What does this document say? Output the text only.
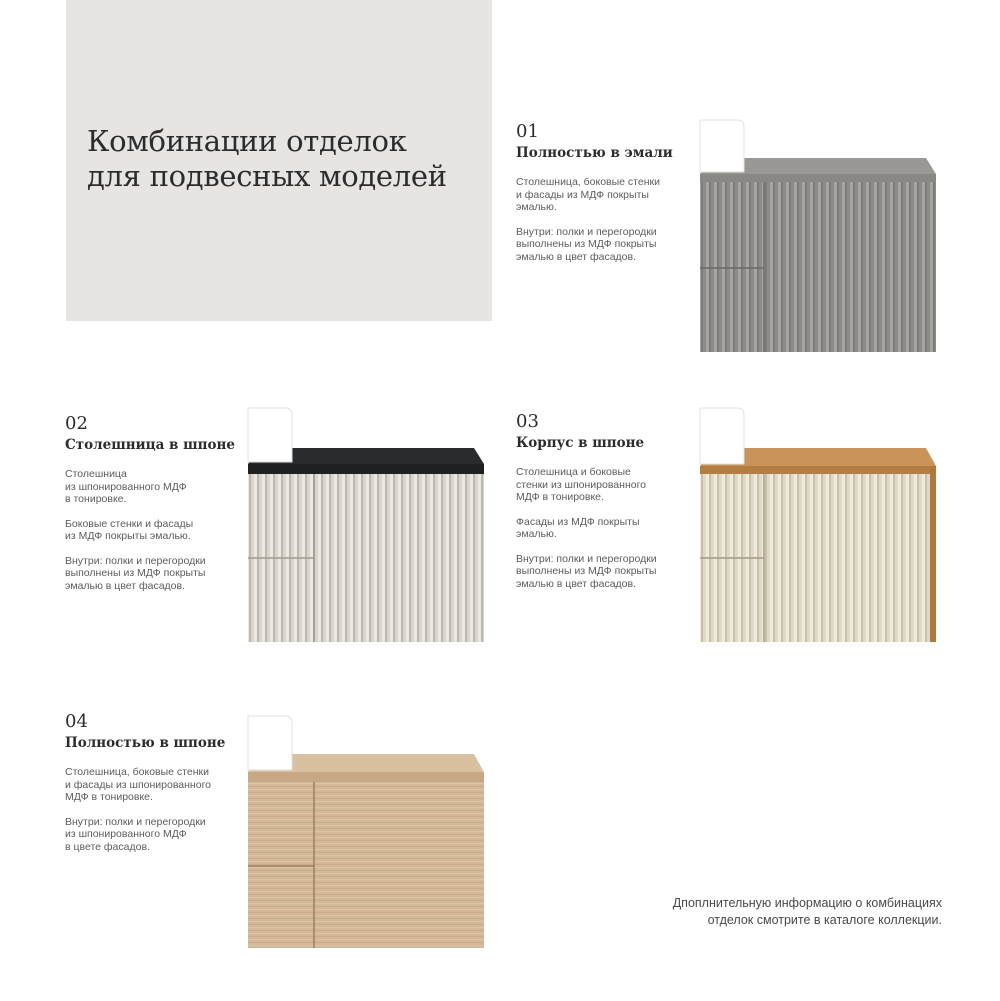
Комбинации отделок
для подвесных моделей

01

Полностью в эмали

Столешница, боковые стенки
и фасады из МДФ покрыты
эмалью.

Внутри: полки и перегородки
выполнены из МДФ покрыты
эмалью в цвет фасадов.

02

Столешница в шпоне

Столешница
из шпонированного МДФ
в тонировке.

Боковые стенки и фасады
из МДФ покрыты эмалью.

Внутри: полки и перегородки
выполнены из МДФ покрыты
эмалью в цвет фасадов.

03

Корпус в шпоне

Столешница и боковые
стенки из шпонированного
МДФ в тонировке.

Фасады из МДФ покрыты
эмалью.

Внутри: полки и перегородки
выполнены из МДФ покрыты
эмалью в цвет фасадов.

04

Полностью в шпоне

Столешница, боковые стенки
и фасады из шпонированного
МДФ в тонировке.

Внутри: полки и перегородки
из шпонированного МДФ
в цвете фасадов.

Дпоплнительную информацию о комбинациях
отделок смотрите в каталоге коллекции.
